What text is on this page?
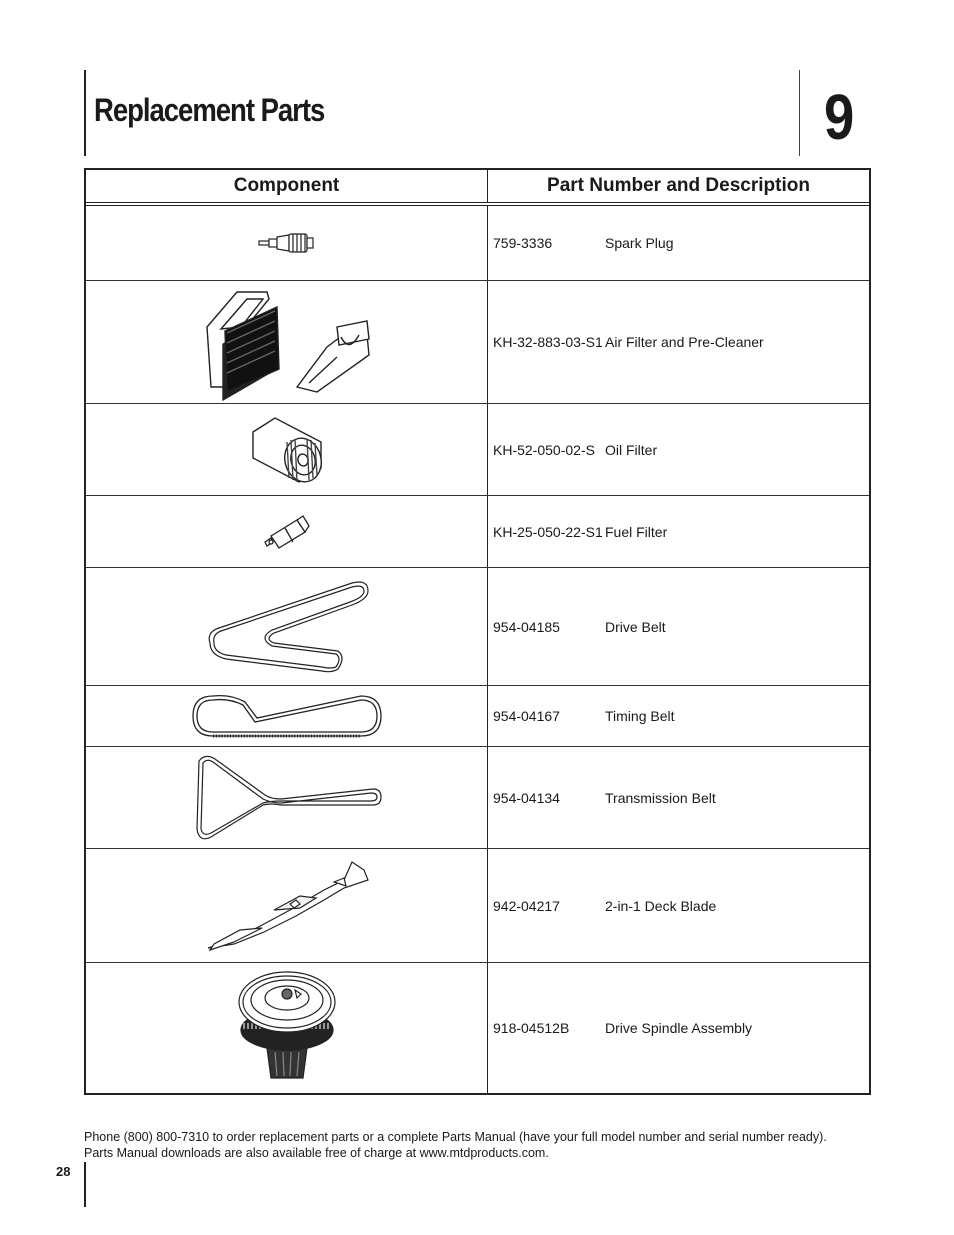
Replacement Parts	9
Component	Part Number and Description
759-3336	Spark Plug
KH-32-883-03-S1 Air Filter and Pre-Cleaner
KH-52-050-02-S Oil Filter
KH-25-050-22-S1 Fuel Filter
954-04185	Drive Belt
954-04167	Timing Belt
954-04134	Transmission Belt
942-04217	2-in-1 Deck Blade
918-04512B	Drive Spindle Assembly
Phone (800) 800-7310 to order replacement parts or a complete Parts Manual (have your full model number and serial number ready).
Parts Manual downloads are also available free of charge at www.mtdproducts.com.
28
